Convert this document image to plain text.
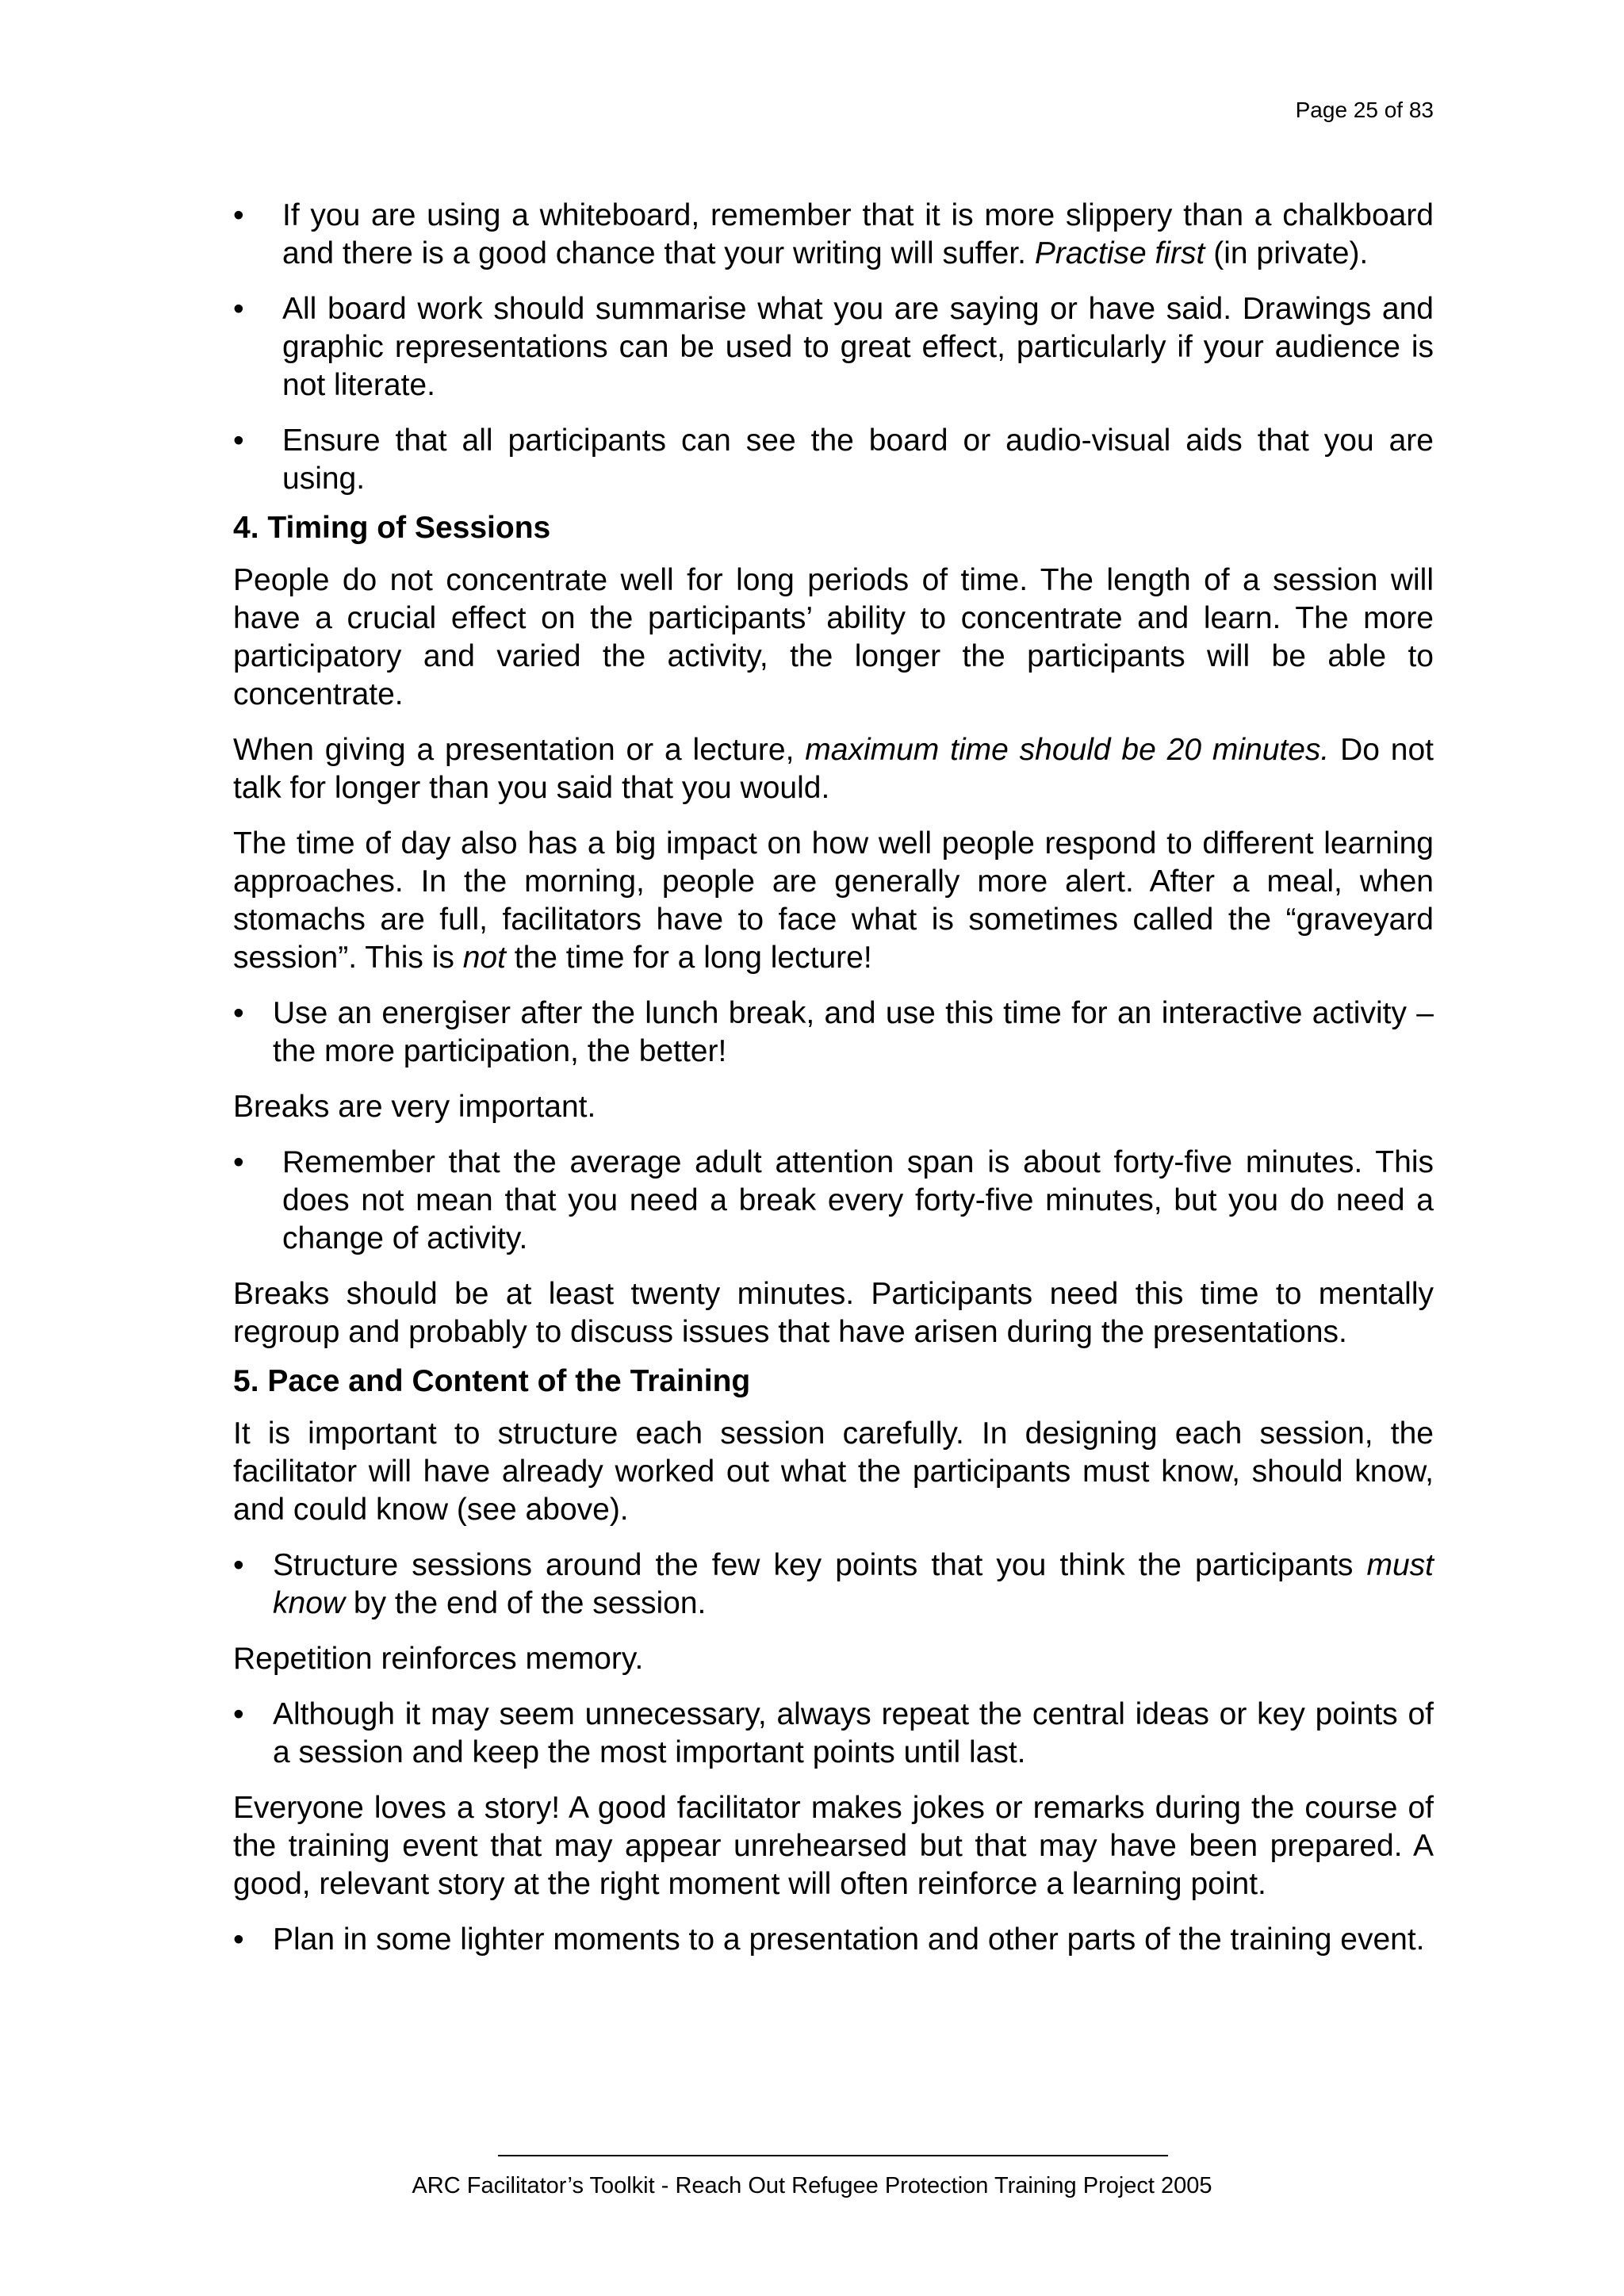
Page 25 of 83
• If you are using a whiteboard, remember that it is more slippery than a chalkboard and there is a good chance that your writing will suffer. Practise first (in private).
• All board work should summarise what you are saying or have said. Drawings and graphic representations can be used to great effect, particularly if your audience is not literate.
• Ensure that all participants can see the board or audio-visual aids that you are using.
4. Timing of Sessions

People do not concentrate well for long periods of time. The length of a session will have a crucial effect on the participants’ ability to concentrate and learn. The more participatory and varied the activity, the longer the participants will be able to concentrate.

When giving a presentation or a lecture, maximum time should be 20 minutes. Do not talk for longer than you said that you would.

The time of day also has a big impact on how well people respond to different learning approaches. In the morning, people are generally more alert. After a meal, when stomachs are full, facilitators have to face what is sometimes called the “graveyard session”. This is not the time for a long lecture!

• Use an energiser after the lunch break, and use this time for an interactive activity – the more participation, the better!

Breaks are very important.

• Remember that the average adult attention span is about forty-five minutes. This does not mean that you need a break every forty-five minutes, but you do need a change of activity.

Breaks should be at least twenty minutes. Participants need this time to mentally regroup and probably to discuss issues that have arisen during the presentations.

5. Pace and Content of the Training

It is important to structure each session carefully. In designing each session, the facilitator will have already worked out what the participants must know, should know, and could know (see above).

• Structure sessions around the few key points that you think the participants must know by the end of the session.

Repetition reinforces memory.

• Although it may seem unnecessary, always repeat the central ideas or key points of a session and keep the most important points until last.

Everyone loves a story! A good facilitator makes jokes or remarks during the course of the training event that may appear unrehearsed but that may have been prepared. A good, relevant story at the right moment will often reinforce a learning point.

• Plan in some lighter moments to a presentation and other parts of the training event.
ARC Facilitator’s Toolkit - Reach Out Refugee Protection Training Project 2005
